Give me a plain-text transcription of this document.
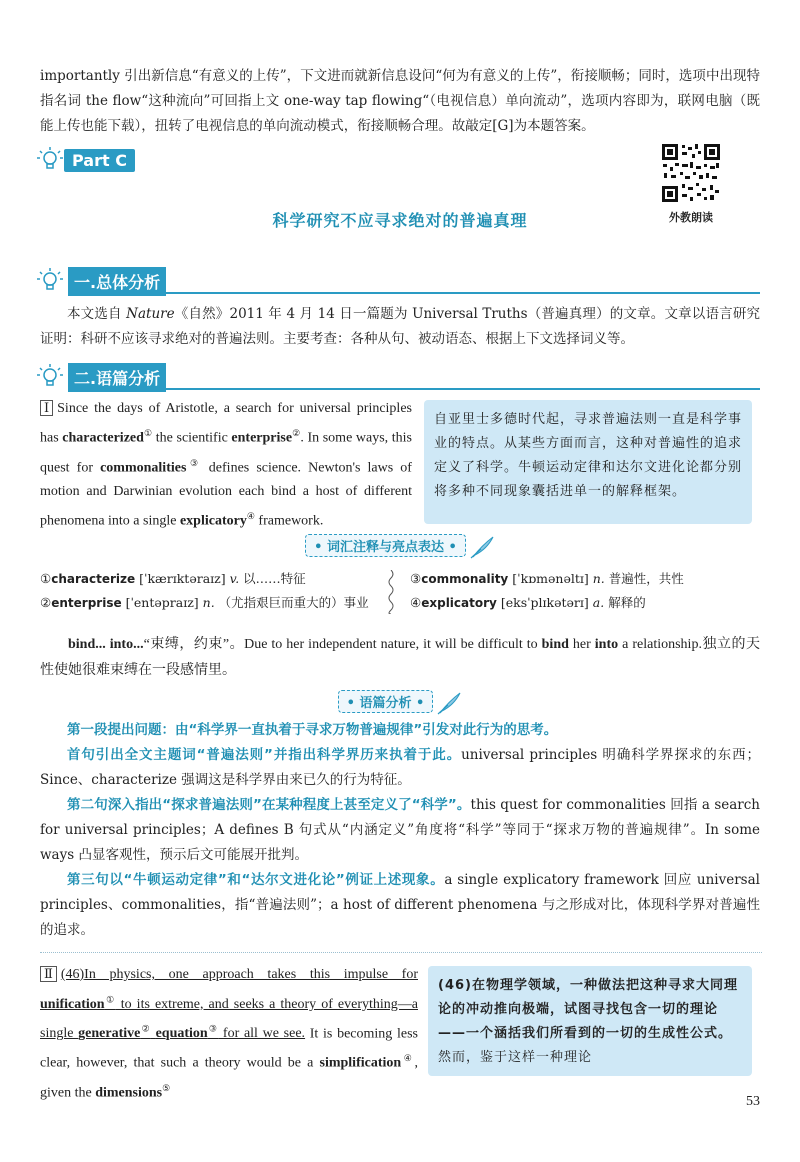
importantly 引出新信息“有意义的上传”，下文进而就新信息设问“何为有意义的上传”，衔接顺畅；同时，选项中出现特指名词 the flow“这种流向”可回指上文 one-way tap flowing“（电视信息）单向流动”，选项内容即为，联网电脑（既能上传也能下载），扭转了电视信息的单向流动模式，衔接顺畅合理。故敲定[G]为本题答案。
Part C
外教朗读
科学研究不应寻求绝对的普遍真理
一.总体分析
本文选自 Nature《自然》2011 年 4 月 14 日一篇题为 Universal Truths（普遍真理）的文章。文章以语言研究证明：科研不应该寻求绝对的普遍法则。主要考查：各种从句、被动语态、根据上下文选择词义等。
二.语篇分析
Ⅰ Since the days of Aristotle, a search for universal principles has characterized① the scientific enterprise②. In some ways, this quest for commonalities③ defines science. Newton's laws of motion and Darwinian evolution each bind a host of different phenomena into a single explicatory④ framework.
自亚里士多德时代起，寻求普遍法则一直是科学事业的特点。从某些方面而言，这种对普遍性的追求定义了科学。牛顿运动定律和达尔文进化论都分别将多种不同现象囊括进单一的解释框架。
• 词汇注释与亮点表达 •
①characterize [ˈkærɪktəraɪz] v. 以……特征
②enterprise [ˈentəpraɪz] n. （尤指艰巨而重大的）事业
③commonality [ˈkɒmənəltɪ] n. 普遍性，共性
④explicatory [eksˈplɪkətərɪ] a. 解释的
bind... into...“束缚，约束”。Due to her independent nature, it will be difficult to bind her into a relationship.独立的天性使她很难束缚在一段感情里。
• 语篇分析 •
第一段提出问题：由“科学界一直执着于寻求万物普遍规律”引发对此行为的思考。
首句引出全文主题词“普遍法则”并指出科学界历来执着于此。universal principles 明确科学界探求的东西；Since、characterize 强调这是科学界由来已久的行为特征。
第二句深入指出“探求普遍法则”在某种程度上甚至定义了“科学”。this quest for commonalities 回指 a search for universal principles；A defines B 句式从“内涵定义”角度将“科学”等同于“探求万物的普遍规律”。In some ways 凸显客观性，预示后文可能展开批判。
第三句以“牛顿运动定律”和“达尔文进化论”例证上述现象。a single explicatory framework 回应 universal principles、commonalities，指“普遍法则”；a host of different phenomena 与之形成对比，体现科学界对普遍性的追求。
Ⅱ (46)In physics, one approach takes this impulse for unification① to its extreme, and seeks a theory of everything—a single generative② equation③ for all we see. It is becoming less clear, however, that such a theory would be a simplification④, given the dimensions⑤
(46)在物理学领域，一种做法把这种寻求大同理论的冲动推向极端，试图寻找包含一切的理论——一个涵括我们所看到的一切的生成性公式。然而，鉴于这样一种理论
53
